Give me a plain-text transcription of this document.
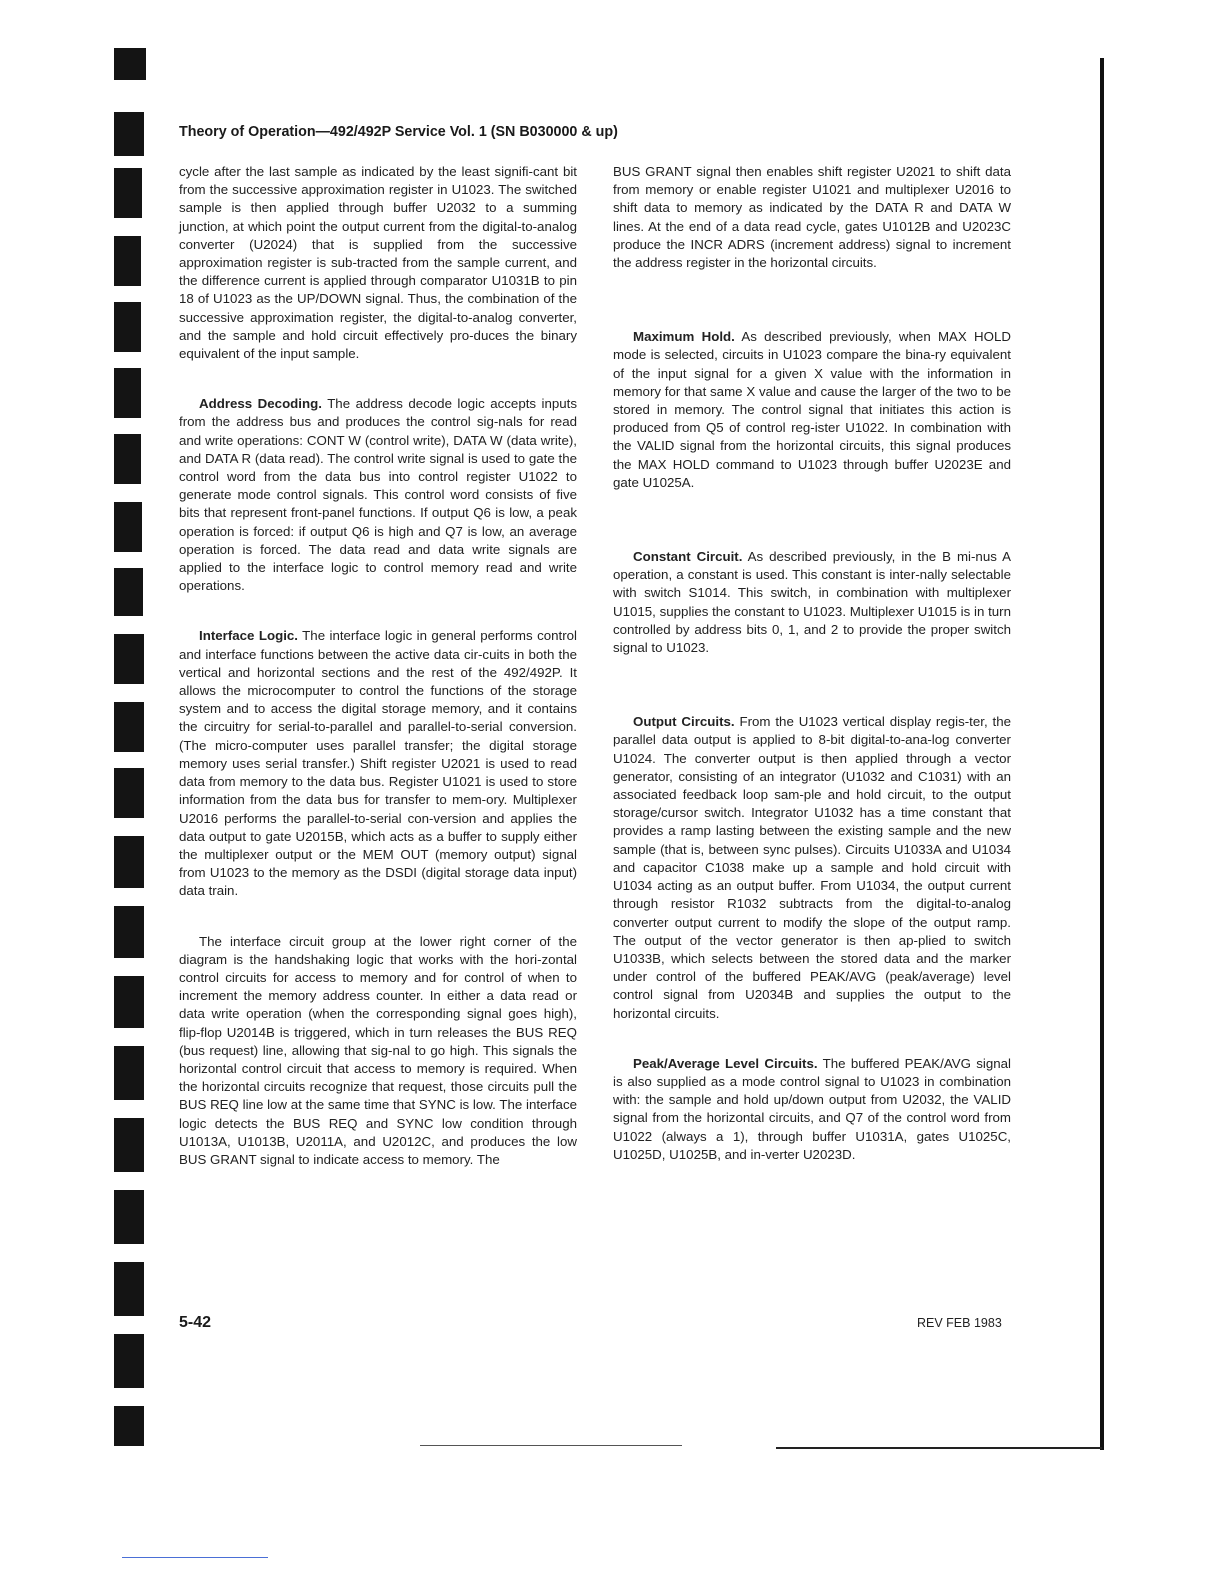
Theory of Operation—492/492P Service Vol. 1 (SN B030000 & up)

cycle after the last sample as indicated by the least signifi-cant bit from the successive approximation register in U1023. The switched sample is then applied through buffer U2032 to a summing junction, at which point the output current from the digital-to-analog converter (U2024) that is supplied from the successive approximation register is sub-tracted from the sample current, and the difference current is applied through comparator U1031B to pin 18 of U1023 as the UP/DOWN signal. Thus, the combination of the successive approximation register, the digital-to-analog converter, and the sample and hold circuit effectively pro-duces the binary equivalent of the input sample.

Address Decoding. The address decode logic accepts inputs from the address bus and produces the control sig-nals for read and write operations: CONT W (control write), DATA W (data write), and DATA R (data read). The control write signal is used to gate the control word from the data bus into control register U1022 to generate mode control signals. This control word consists of five bits that represent front-panel functions. If output Q6 is low, a peak operation is forced: if output Q6 is high and Q7 is low, an average operation is forced. The data read and data write signals are applied to the interface logic to control memory read and write operations.

Interface Logic. The interface logic in general performs control and interface functions between the active data cir-cuits in both the vertical and horizontal sections and the rest of the 492/492P. It allows the microcomputer to control the functions of the storage system and to access the digital storage memory, and it contains the circuitry for serial-to-parallel and parallel-to-serial conversion. (The micro-computer uses parallel transfer; the digital storage memory uses serial transfer.) Shift register U2021 is used to read data from memory to the data bus. Register U1021 is used to store information from the data bus for transfer to mem-ory. Multiplexer U2016 performs the parallel-to-serial con-version and applies the data output to gate U2015B, which acts as a buffer to supply either the multiplexer output or the MEM OUT (memory output) signal from U1023 to the memory as the DSDI (digital storage data input) data train.

The interface circuit group at the lower right corner of the diagram is the handshaking logic that works with the hori-zontal control circuits for access to memory and for control of when to increment the memory address counter. In either a data read or data write operation (when the corresponding signal goes high), flip-flop U2014B is triggered, which in turn releases the BUS REQ (bus request) line, allowing that sig-nal to go high. This signals the horizontal control circuit that access to memory is required. When the horizontal circuits recognize that request, those circuits pull the BUS REQ line low at the same time that SYNC is low. The interface logic detects the BUS REQ and SYNC low condition through U1013A, U1013B, U2011A, and U2012C, and produces the low BUS GRANT signal to indicate access to memory. The

BUS GRANT signal then enables shift register U2021 to shift data from memory or enable register U1021 and multiplexer U2016 to shift data to memory as indicated by the DATA R and DATA W lines. At the end of a data read cycle, gates U1012B and U2023C produce the INCR ADRS (increment address) signal to increment the address register in the horizontal circuits.

Maximum Hold. As described previously, when MAX HOLD mode is selected, circuits in U1023 compare the bina-ry equivalent of the input signal for a given X value with the information in memory for that same X value and cause the larger of the two to be stored in memory. The control signal that initiates this action is produced from Q5 of control reg-ister U1022. In combination with the VALID signal from the horizontal circuits, this signal produces the MAX HOLD command to U1023 through buffer U2023E and gate U1025A.

Constant Circuit. As described previously, in the B mi-nus A operation, a constant is used. This constant is inter-nally selectable with switch S1014. This switch, in combination with multiplexer U1015, supplies the constant to U1023. Multiplexer U1015 is in turn controlled by address bits 0, 1, and 2 to provide the proper switch signal to U1023.

Output Circuits. From the U1023 vertical display regis-ter, the parallel data output is applied to 8-bit digital-to-ana-log converter U1024. The converter output is then applied through a vector generator, consisting of an integrator (U1032 and C1031) with an associated feedback loop sam-ple and hold circuit, to the output storage/cursor switch. Integrator U1032 has a time constant that provides a ramp lasting between the existing sample and the new sample (that is, between sync pulses). Circuits U1033A and U1034 and capacitor C1038 make up a sample and hold circuit with U1034 acting as an output buffer. From U1034, the output current through resistor R1032 subtracts from the digital-to-analog converter output current to modify the slope of the output ramp. The output of the vector generator is then ap-plied to switch U1033B, which selects between the stored data and the marker under control of the buffered PEAK/AVG (peak/average) level control signal from U2034B and supplies the output to the horizontal circuits.

Peak/Average Level Circuits. The buffered PEAK/AVG signal is also supplied as a mode control signal to U1023 in combination with: the sample and hold up/down output from U2032, the VALID signal from the horizontal circuits, and Q7 of the control word from U1022 (always a 1), through buffer U1031A, gates U1025C, U1025D, U1025B, and in-verter U2023D.

5-42	REV FEB 1983
